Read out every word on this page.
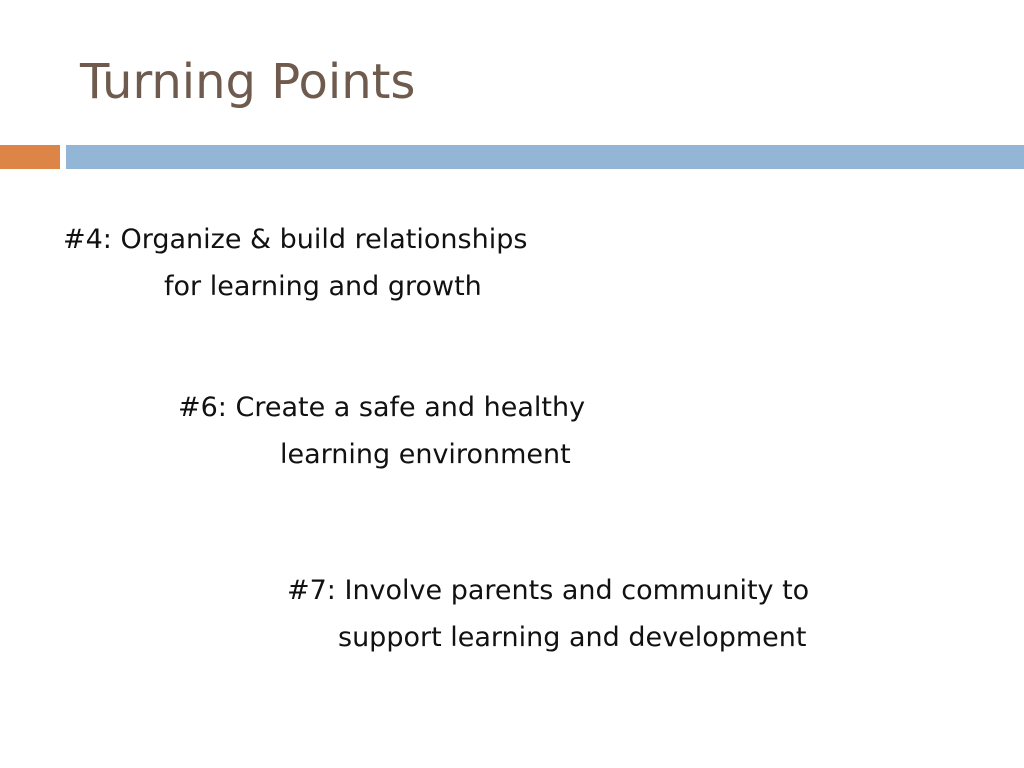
Turning Points
#4: Organize & build relationships
for learning and growth
#6: Create a safe and healthy
learning environment
#7: Involve parents and community to
support learning and development
